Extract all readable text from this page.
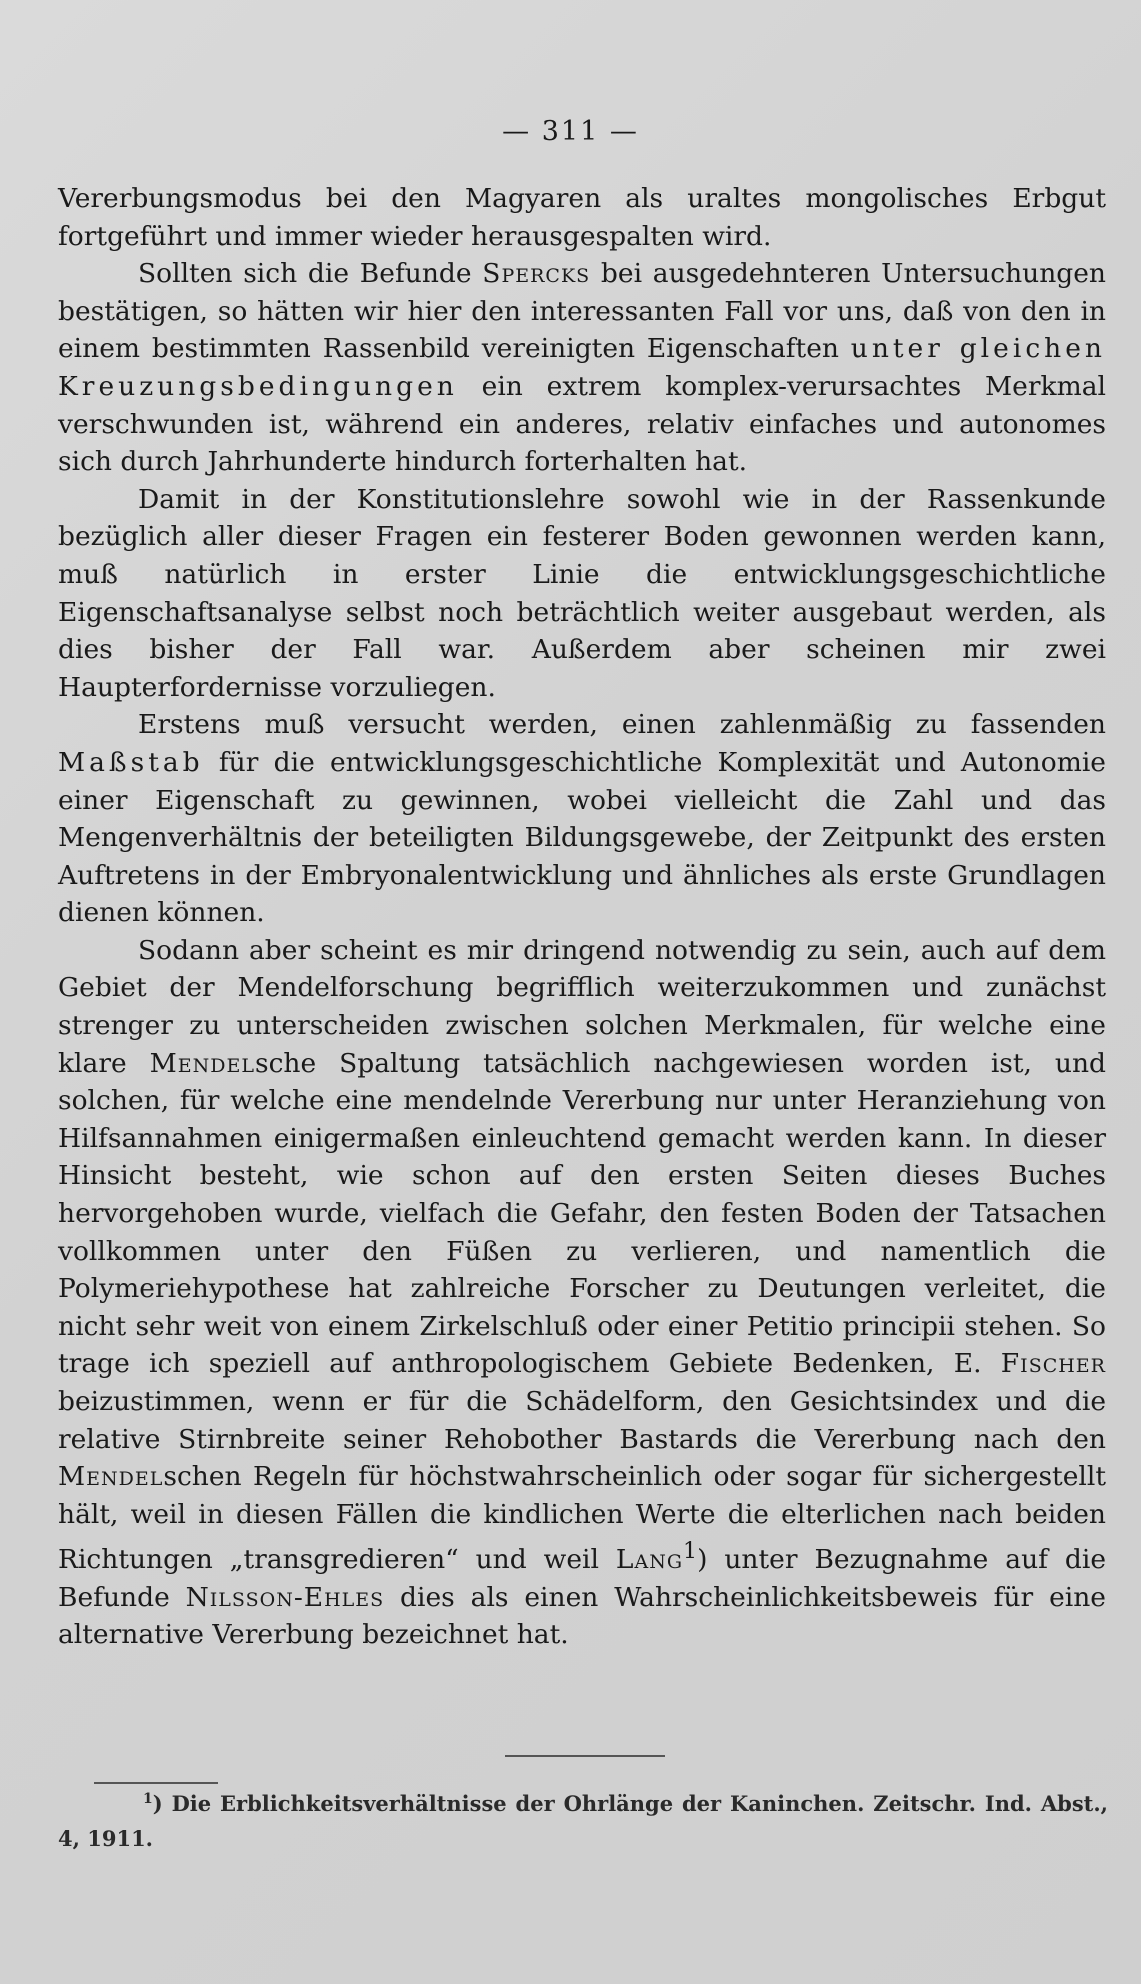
— 311 —

Vererbungsmodus bei den Magyaren als uraltes mongolisches Erbgut fortgeführt und immer wieder herausgespalten wird.

Sollten sich die Befunde Spercks bei ausgedehnteren Untersuchungen bestätigen, so hätten wir hier den interessanten Fall vor uns, daß von den in einem bestimmten Rassenbild vereinigten Eigenschaften unter gleichen Kreuzungsbedingungen ein extrem komplex-verursachtes Merkmal verschwunden ist, während ein anderes, relativ einfaches und autonomes sich durch Jahrhunderte hindurch forterhalten hat.

Damit in der Konstitutionslehre sowohl wie in der Rassenkunde bezüglich aller dieser Fragen ein festerer Boden gewonnen werden kann, muß natürlich in erster Linie die entwicklungsgeschichtliche Eigenschaftsanalyse selbst noch beträchtlich weiter ausgebaut werden, als dies bisher der Fall war. Außerdem aber scheinen mir zwei Haupterfordernisse vorzuliegen.

Erstens muß versucht werden, einen zahlenmäßig zu fassenden Maßstab für die entwicklungsgeschichtliche Komplexität und Autonomie einer Eigenschaft zu gewinnen, wobei vielleicht die Zahl und das Mengenverhältnis der beteiligten Bildungsgewebe, der Zeitpunkt des ersten Auftretens in der Embryonalentwicklung und ähnliches als erste Grundlagen dienen können.

Sodann aber scheint es mir dringend notwendig zu sein, auch auf dem Gebiet der Mendelforschung begrifflich weiterzukommen und zunächst strenger zu unterscheiden zwischen solchen Merkmalen, für welche eine klare Mendelsche Spaltung tatsächlich nachgewiesen worden ist, und solchen, für welche eine mendelnde Vererbung nur unter Heranziehung von Hilfsannahmen einigermaßen einleuchtend gemacht werden kann. In dieser Hinsicht besteht, wie schon auf den ersten Seiten dieses Buches hervorgehoben wurde, vielfach die Gefahr, den festen Boden der Tatsachen vollkommen unter den Füßen zu verlieren, und namentlich die Polymeriehypothese hat zahlreiche Forscher zu Deutungen verleitet, die nicht sehr weit von einem Zirkelschluß oder einer Petitio principii stehen. So trage ich speziell auf anthropologischem Gebiete Bedenken, E. Fischer beizustimmen, wenn er für die Schädelform, den Gesichtsindex und die relative Stirnbreite seiner Rehobother Bastards die Vererbung nach den Mendelschen Regeln für höchstwahrscheinlich oder sogar für sichergestellt hält, weil in diesen Fällen die kindlichen Werte die elterlichen nach beiden Richtungen „transgredieren“ und weil Lang$^1$) unter Bezugnahme auf die Befunde Nilsson-Ehles dies als einen Wahrscheinlichkeitsbeweis für eine alternative Vererbung bezeichnet hat.

$^1$) Die Erblichkeitsverhältnisse der Ohrlänge der Kaninchen. Zeitschr. Ind. Abst., 4, 1911.
